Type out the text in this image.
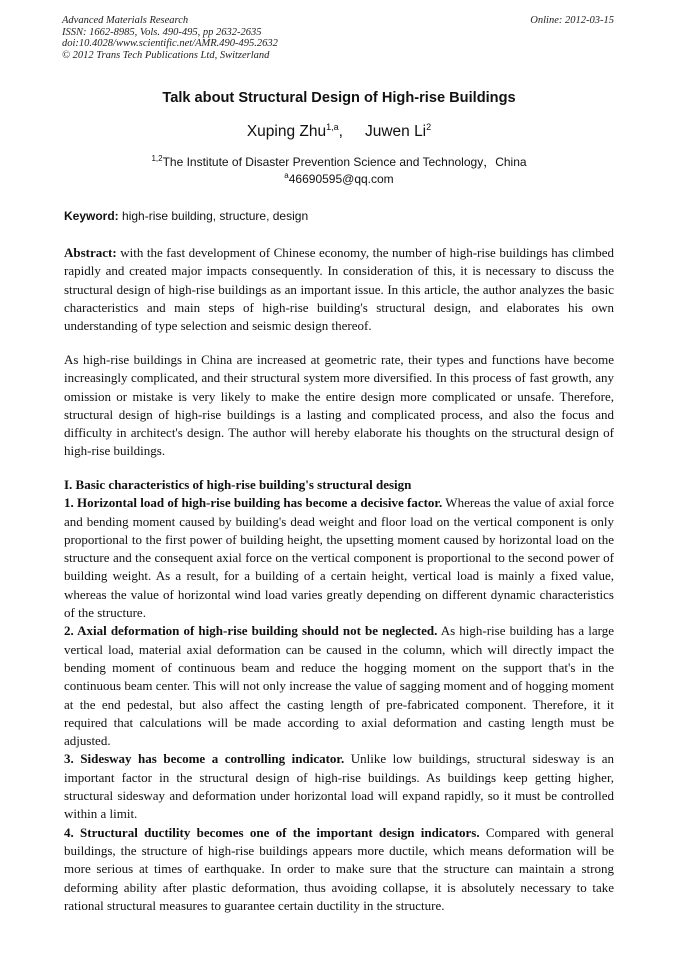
Advanced Materials Research
ISSN: 1662-8985, Vols. 490-495, pp 2632-2635
doi:10.4028/www.scientific.net/AMR.490-495.2632
© 2012 Trans Tech Publications Ltd, Switzerland
Online: 2012-03-15
Talk about Structural Design of High-rise Buildings
Xuping Zhu$^{1,a}$, Juwen Li$^2$
$^{1,2}$The Institute of Disaster Prevention Science and Technology，China
$^a$46690595@qq.com
Keyword: high-rise building, structure, design

Abstract: with the fast development of Chinese economy, the number of high-rise buildings has climbed rapidly and created major impacts consequently. In consideration of this, it is necessary to discuss the structural design of high-rise buildings as an important issue. In this article, the author analyzes the basic characteristics and main steps of high-rise building's structural design, and elaborates his own understanding of type selection and seismic design thereof.

As high-rise buildings in China are increased at geometric rate, their types and functions have become increasingly complicated, and their structural system more diversified. In this process of fast growth, any omission or mistake is very likely to make the entire design more complicated or unsafe. Therefore, structural design of high-rise buildings is a lasting and complicated process, and also the focus and difficulty in architect's design. The author will hereby elaborate his thoughts on the structural design of high-rise buildings.

I. Basic characteristics of high-rise building's structural design

1. Horizontal load of high-rise building has become a decisive factor. Whereas the value of axial force and bending moment caused by building's dead weight and floor load on the vertical component is only proportional to the first power of building height, the upsetting moment caused by horizontal load on the structure and the consequent axial force on the vertical component is proportional to the second power of building weight. As a result, for a building of a certain height, vertical load is mainly a fixed value, whereas the value of horizontal wind load varies greatly depending on different dynamic characteristics of the structure.

2. Axial deformation of high-rise building should not be neglected. As high-rise building has a large vertical load, material axial deformation can be caused in the column, which will directly impact the bending moment of continuous beam and reduce the hogging moment on the support that's in the continuous beam center. This will not only increase the value of sagging moment and of hogging moment at the end pedestal, but also affect the casting length of pre-fabricated component. Therefore, it it required that calculations will be made according to axial deformation and casting length must be adjusted.

3. Sidesway has become a controlling indicator. Unlike low buildings, structural sidesway is an important factor in the structural design of high-rise buildings. As buildings keep getting higher, structural sidesway and deformation under horizontal load will expand rapidly, so it must be controlled within a limit.

4. Structural ductility becomes one of the important design indicators. Compared with general buildings, the structure of high-rise buildings appears more ductile, which means deformation will be more serious at times of earthquake. In order to make sure that the structure can maintain a strong deforming ability after plastic deformation, thus avoiding collapse, it is absolutely necessary to take rational structural measures to guarantee certain ductility in the structure.
